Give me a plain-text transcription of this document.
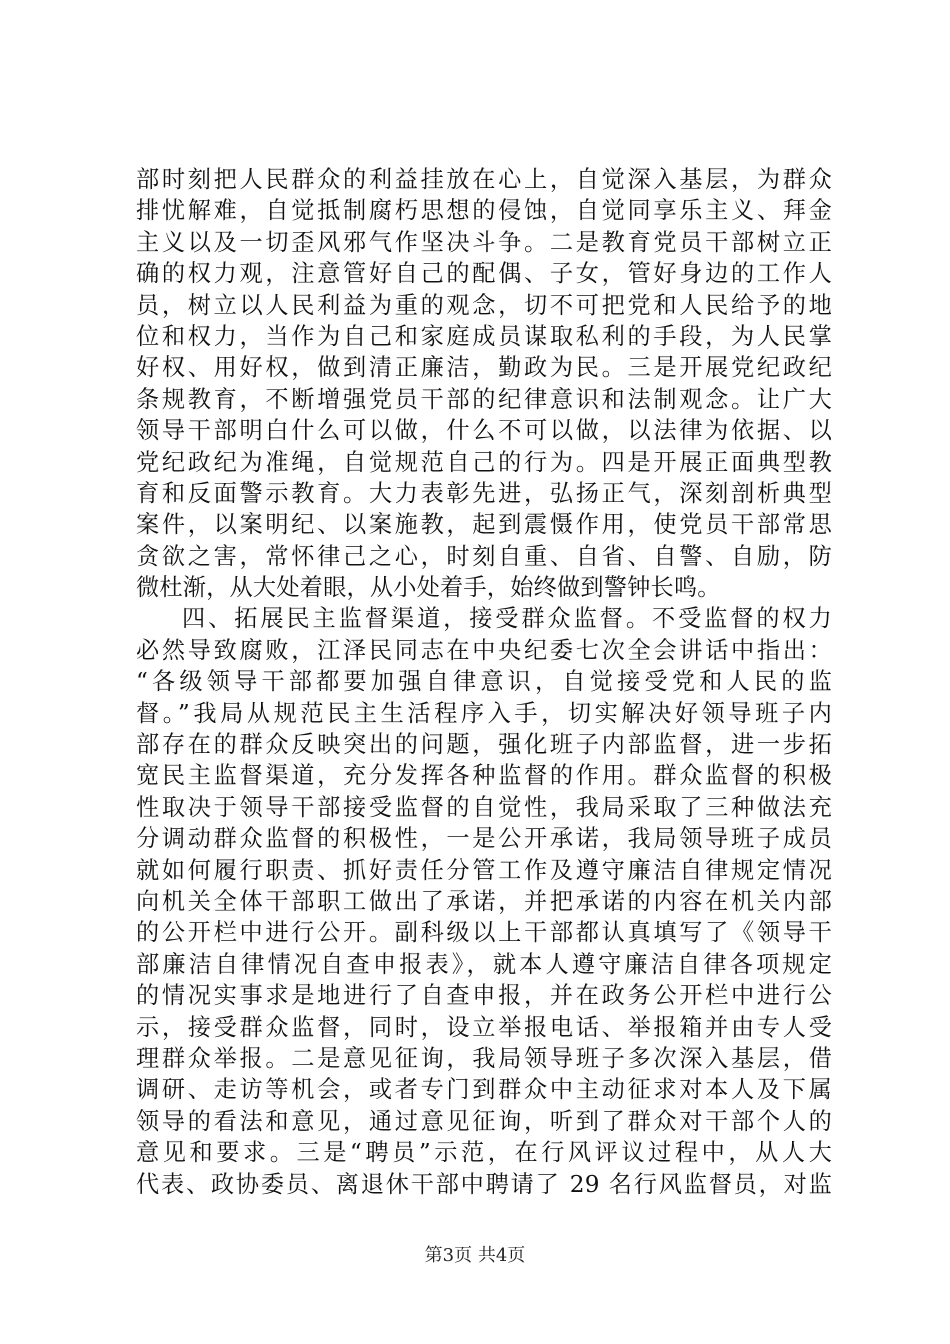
部时刻把人民群众的利益挂放在心上，自觉深入基层，为群众
排忧解难，自觉抵制腐朽思想的侵蚀，自觉同享乐主义、拜金
主义以及一切歪风邪气作坚决斗争。二是教育党员干部树立正
确的权力观，注意管好自己的配偶、子女，管好身边的工作人
员，树立以人民利益为重的观念，切不可把党和人民给予的地
位和权力，当作为自己和家庭成员谋取私利的手段，为人民掌
好权、用好权，做到清正廉洁，勤政为民。三是开展党纪政纪
条规教育，不断增强党员干部的纪律意识和法制观念。让广大
领导干部明白什么可以做，什么不可以做，以法律为依据、以
党纪政纪为准绳，自觉规范自己的行为。四是开展正面典型教
育和反面警示教育。大力表彰先进，弘扬正气，深刻剖析典型
案件，以案明纪、以案施教，起到震慑作用，使党员干部常思
贪欲之害，常怀律己之心，时刻自重、自省、自警、自励，防
微杜渐，从大处着眼，从小处着手，始终做到警钟长鸣。
四、拓展民主监督渠道，接受群众监督。不受监督的权力
必然导致腐败，江泽民同志在中央纪委七次全会讲话中指出：
“各级领导干部都要加强自律意识，自觉接受党和人民的监
督。”我局从规范民主生活程序入手，切实解决好领导班子内
部存在的群众反映突出的问题，强化班子内部监督，进一步拓
宽民主监督渠道，充分发挥各种监督的作用。群众监督的积极
性取决于领导干部接受监督的自觉性，我局采取了三种做法充
分调动群众监督的积极性，一是公开承诺，我局领导班子成员
就如何履行职责、抓好责任分管工作及遵守廉洁自律规定情况
向机关全体干部职工做出了承诺，并把承诺的内容在机关内部
的公开栏中进行公开。副科级以上干部都认真填写了《领导干
部廉洁自律情况自查申报表》，就本人遵守廉洁自律各项规定
的情况实事求是地进行了自查申报，并在政务公开栏中进行公
示，接受群众监督，同时，设立举报电话、举报箱并由专人受
理群众举报。二是意见征询，我局领导班子多次深入基层，借
调研、走访等机会，或者专门到群众中主动征求对本人及下属
领导的看法和意见，通过意见征询，听到了群众对干部个人的
意见和要求。三是“聘员”示范，在行风评议过程中，从人大
代表、政协委员、离退休干部中聘请了 29 名行风监督员，对监
第3页 共4页
